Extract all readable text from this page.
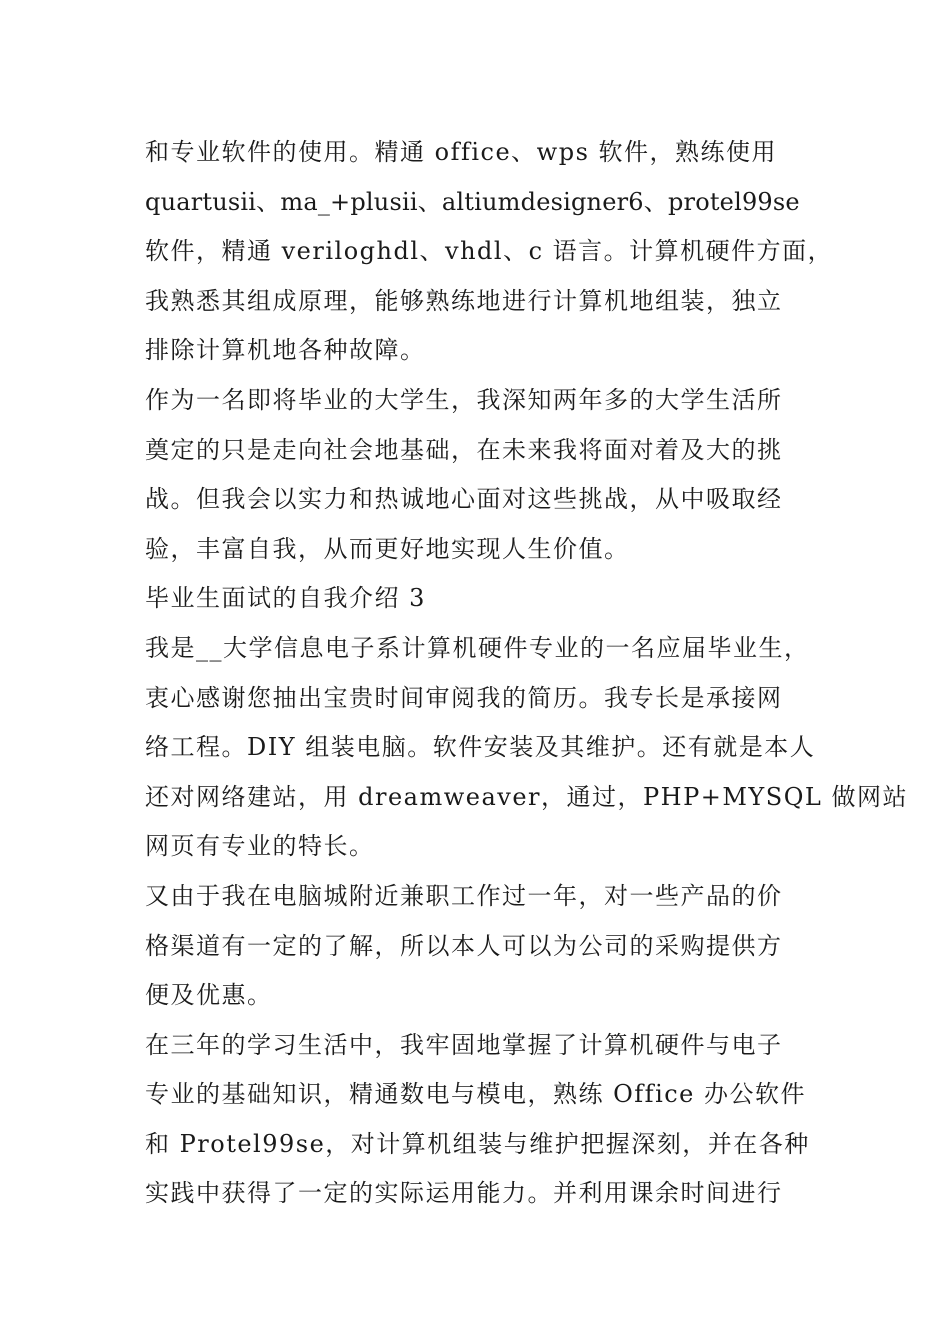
和专业软件的使用。精通 office、wps 软件，熟练使用
quartusii、ma_+plusii、altiumdesigner6、protel99se
软件，精通 veriloghdl、vhdl、c 语言。计算机硬件方面，
我熟悉其组成原理，能够熟练地进行计算机地组装，独立
排除计算机地各种故障。
作为一名即将毕业的大学生，我深知两年多的大学生活所
奠定的只是走向社会地基础，在未来我将面对着及大的挑
战。但我会以实力和热诚地心面对这些挑战，从中吸取经
验，丰富自我，从而更好地实现人生价值。
毕业生面试的自我介绍 3
我是__大学信息电子系计算机硬件专业的一名应届毕业生，
衷心感谢您抽出宝贵时间审阅我的简历。我专长是承接网
络工程。DIY 组装电脑。软件安装及其维护。还有就是本人
还对网络建站，用 dreamweaver，通过，PHP+MYSQL 做网站
网页有专业的特长。
又由于我在电脑城附近兼职工作过一年，对一些产品的价
格渠道有一定的了解，所以本人可以为公司的采购提供方
便及优惠。
在三年的学习生活中，我牢固地掌握了计算机硬件与电子
专业的基础知识，精通数电与模电，熟练 Office 办公软件
和 Protel99se，对计算机组装与维护把握深刻，并在各种
实践中获得了一定的实际运用能力。并利用课余时间进行
